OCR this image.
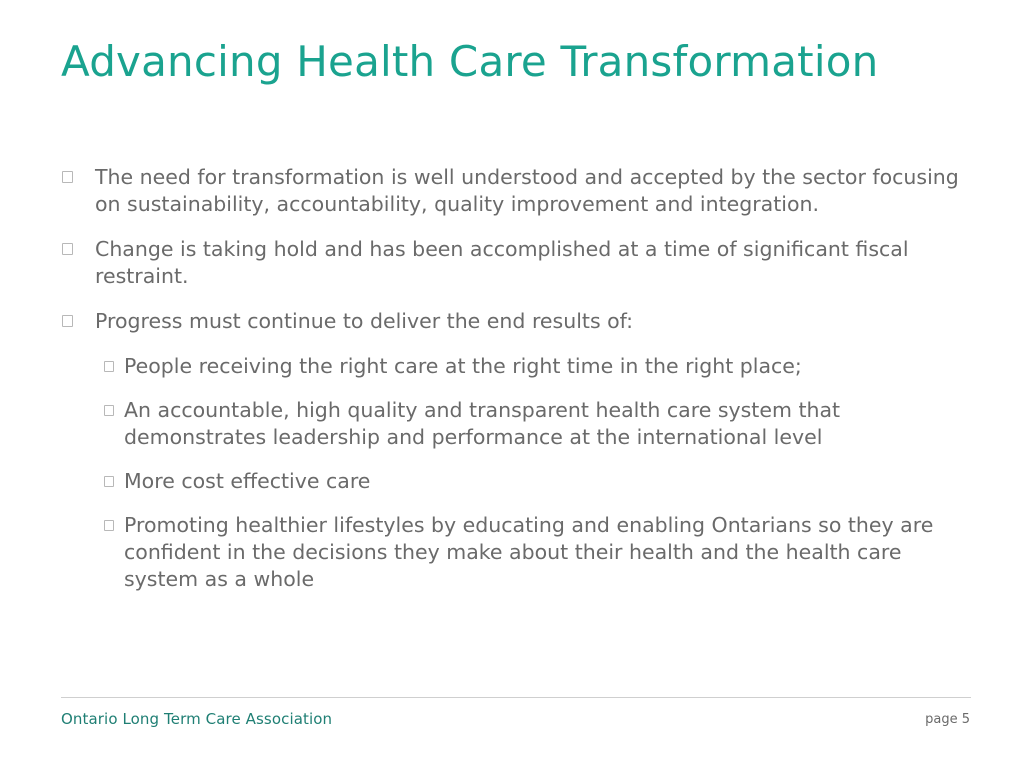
Advancing Health Care Transformation
The need for transformation is well understood and accepted by the sector focusing on sustainability, accountability, quality improvement and integration.
Change is taking hold and has been accomplished at a time of significant fiscal restraint.
Progress must continue to deliver the end results of:
People receiving the right care at the right time in the right place;
An accountable, high quality and transparent health care system that demonstrates leadership and performance at the international level
More cost effective care
Promoting healthier lifestyles by educating and enabling Ontarians so they are confident in the decisions they make about their health and the health care system as a whole
Ontario Long Term Care Association	page 5
